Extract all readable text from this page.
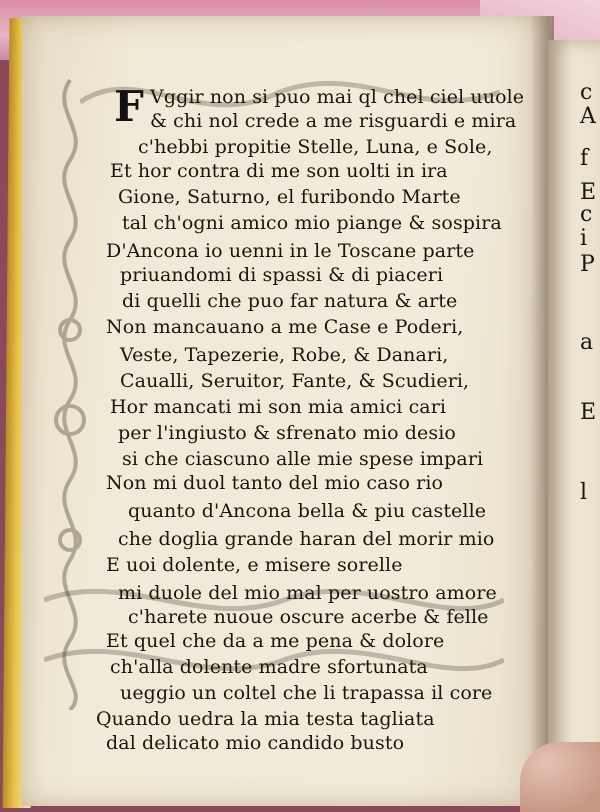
F Vggir non si puo mai ql chel ciel uuole
& chi nol crede a me risguardi e mira
c'hebbi propitie Stelle, Luna, e Sole,
Et hor contra di me son uolti in ira
Gione, Saturno, el furibondo Marte
tal ch'ogni amico mio piange & sospira
D'Ancona io uenni in le Toscane parte
priuandomi di spassi & di piaceri
di quelli che puo far natura & arte
Non mancauano a me Case e Poderi,
Veste, Tapezerie, Robe, & Danari,
Caualli, Seruitor, Fante, & Scudieri,
Hor mancati mi son mia amici cari
per l'ingiusto & sfrenato mio desio
si che ciascuno alle mie spese impari
Non mi duol tanto del mio caso rio
quanto d'Ancona bella & piu castelle
che doglia grande haran del morir mio
E uoi dolente, e misere sorelle
mi duole del mio mal per uostro amore
c'harete nuoue oscure acerbe & felle
Et quel che da a me pena & dolore
ch'alla dolente madre sfortunata
ueggio un coltel che li trapassa il core
Quando uedra la mia testa tagliata
dal delicato mio candido busto
c
A
f
E
c
i
P
a
E
l
